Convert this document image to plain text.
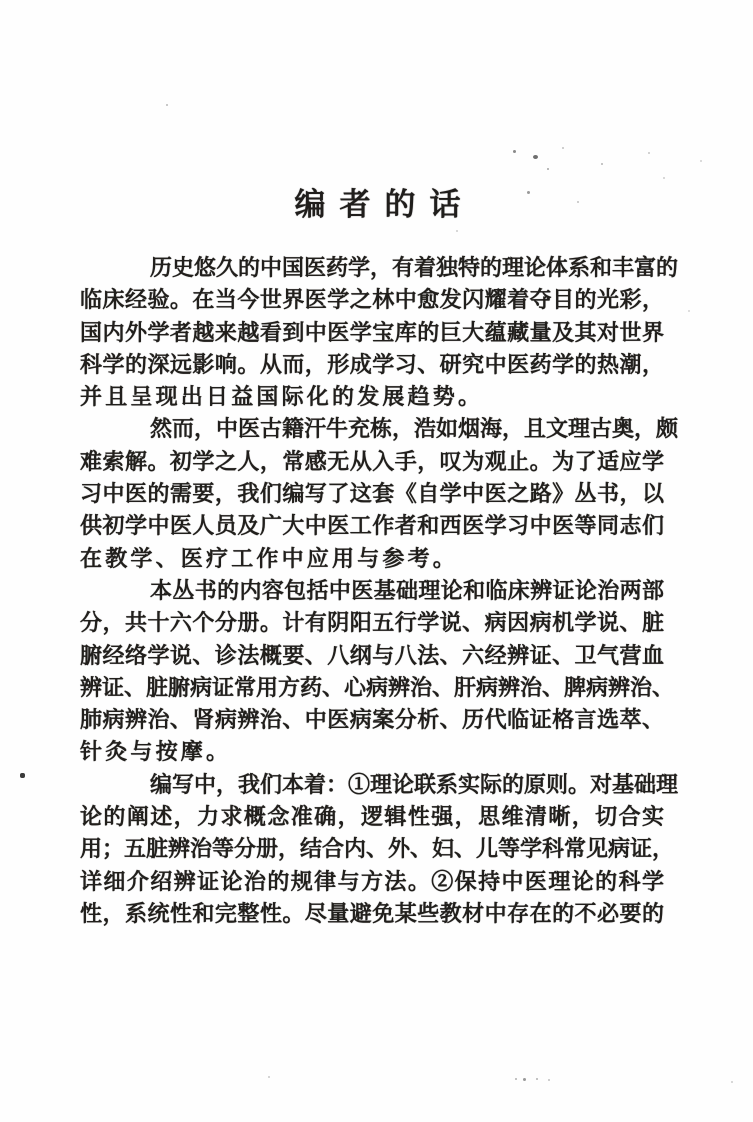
编者的话
历史悠久的中国医药学，有着独特的理论体系和丰富的
临床经验。在当今世界医学之林中愈发闪耀着夺目的光彩，
国内外学者越来越看到中医学宝库的巨大蕴藏量及其对世界
科学的深远影响。从而，形成学习、研究中医药学的热潮，
并且呈现出日益国际化的发展趋势。
然而，中医古籍汗牛充栋，浩如烟海，且文理古奥，颇
难索解。初学之人，常感无从入手，叹为观止。为了适应学
习中医的需要，我们编写了这套《自学中医之路》丛书，以
供初学中医人员及广大中医工作者和西医学习中医等同志们
在教学、医疗工作中应用与参考。
本丛书的内容包括中医基础理论和临床辨证论治两部
分，共十六个分册。计有阴阳五行学说、病因病机学说、脏
腑经络学说、诊法概要、八纲与八法、六经辨证、卫气营血
辨证、脏腑病证常用方药、心病辨治、肝病辨治、脾病辨治、
肺病辨治、肾病辨治、中医病案分析、历代临证格言选萃、
针灸与按摩。
编写中，我们本着：①理论联系实际的原则。对基础理
论的阐述，力求概念准确，逻辑性强，思维清晰，切合实
用；五脏辨治等分册，结合内、外、妇、儿等学科常见病证，
详细介绍辨证论治的规律与方法。②保持中医理论的科学
性，系统性和完整性。尽量避免某些教材中存在的不必要的
